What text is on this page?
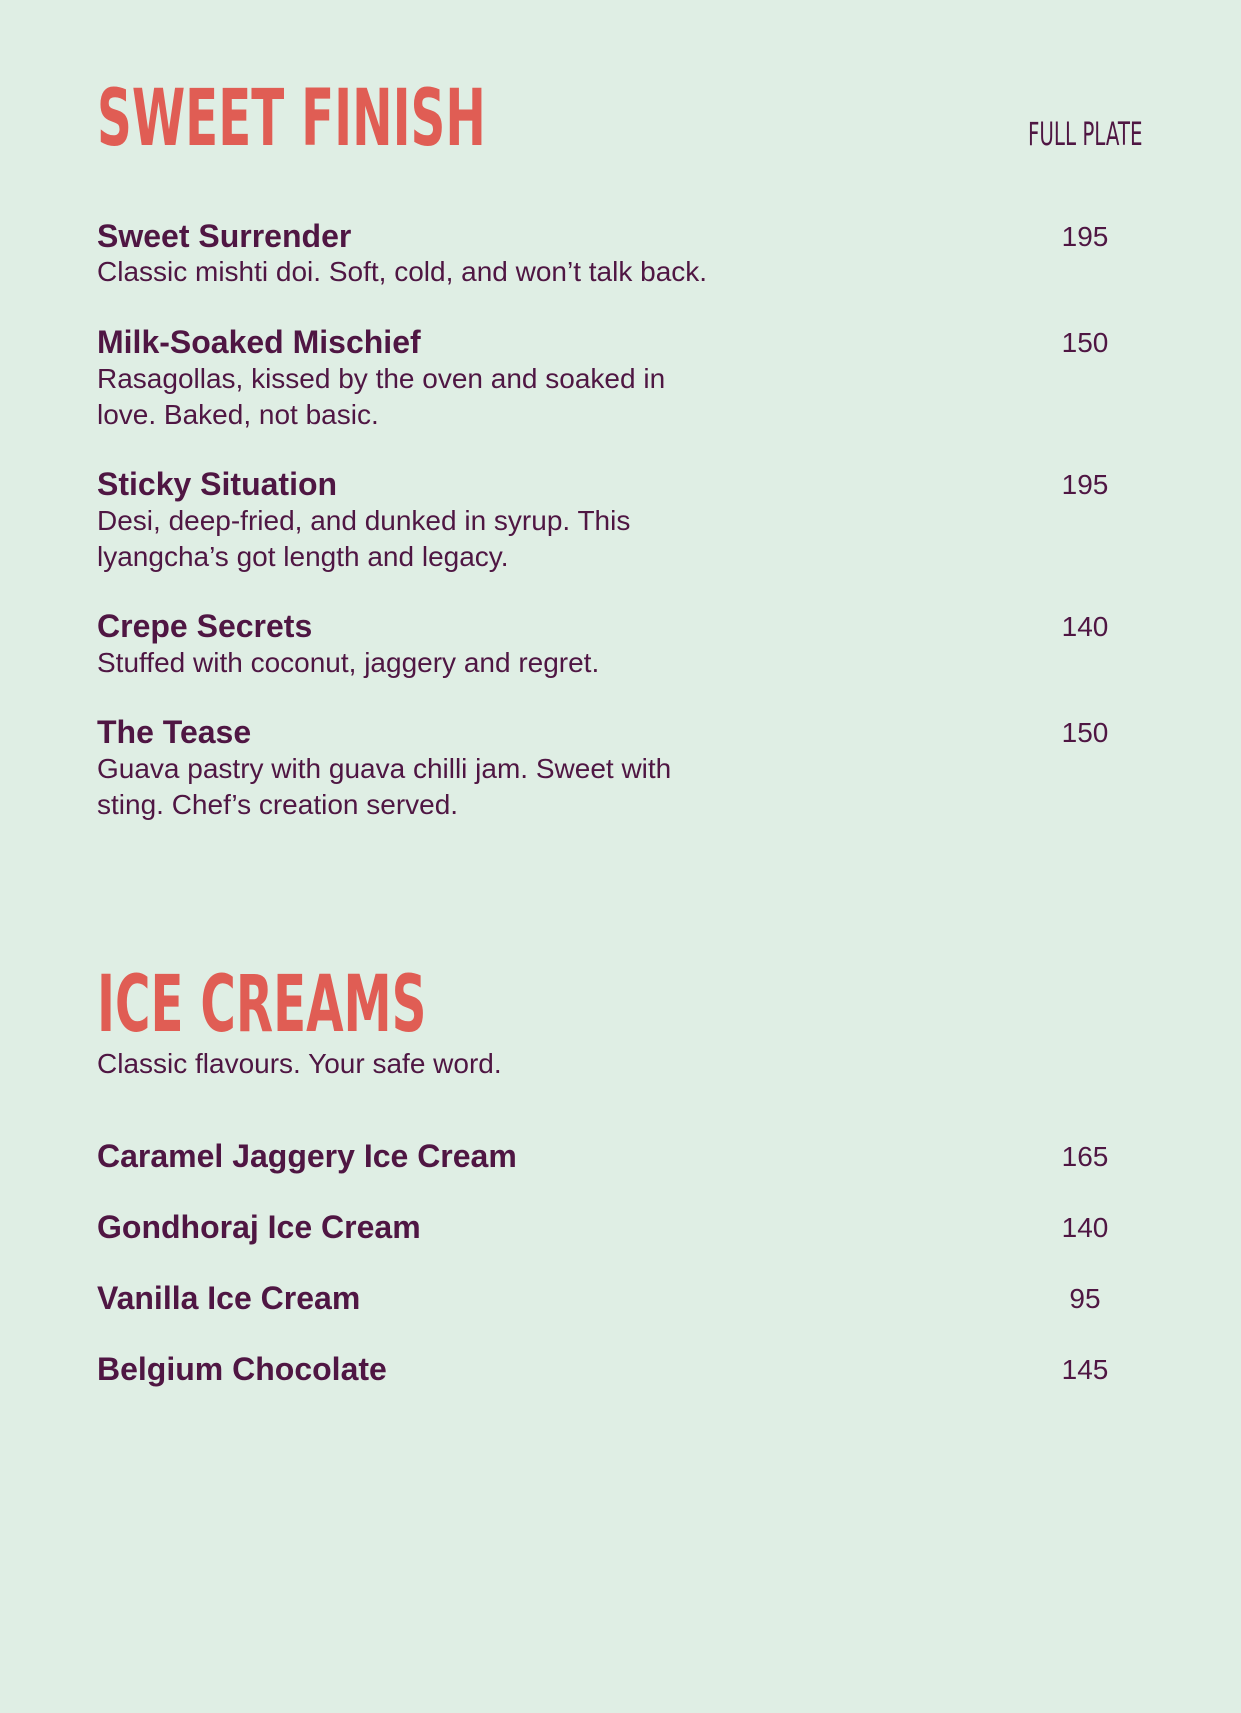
SWEET FINISH	FULL PLATE
Sweet Surrender	195
Classic mishti doi. Soft, cold, and won’t talk back.
Milk-Soaked Mischief	150
Rasagollas, kissed by the oven and soaked in love. Baked, not basic.
Sticky Situation	195
Desi, deep-fried, and dunked in syrup. This lyangcha’s got length and legacy.
Crepe Secrets	140
Stuffed with coconut, jaggery and regret.
The Tease	150
Guava pastry with guava chilli jam. Sweet with sting. Chef’s creation served.
ICE CREAMS
Classic flavours. Your safe word.
Caramel Jaggery Ice Cream	165
Gondhoraj Ice Cream	140
Vanilla Ice Cream	95
Belgium Chocolate	145
